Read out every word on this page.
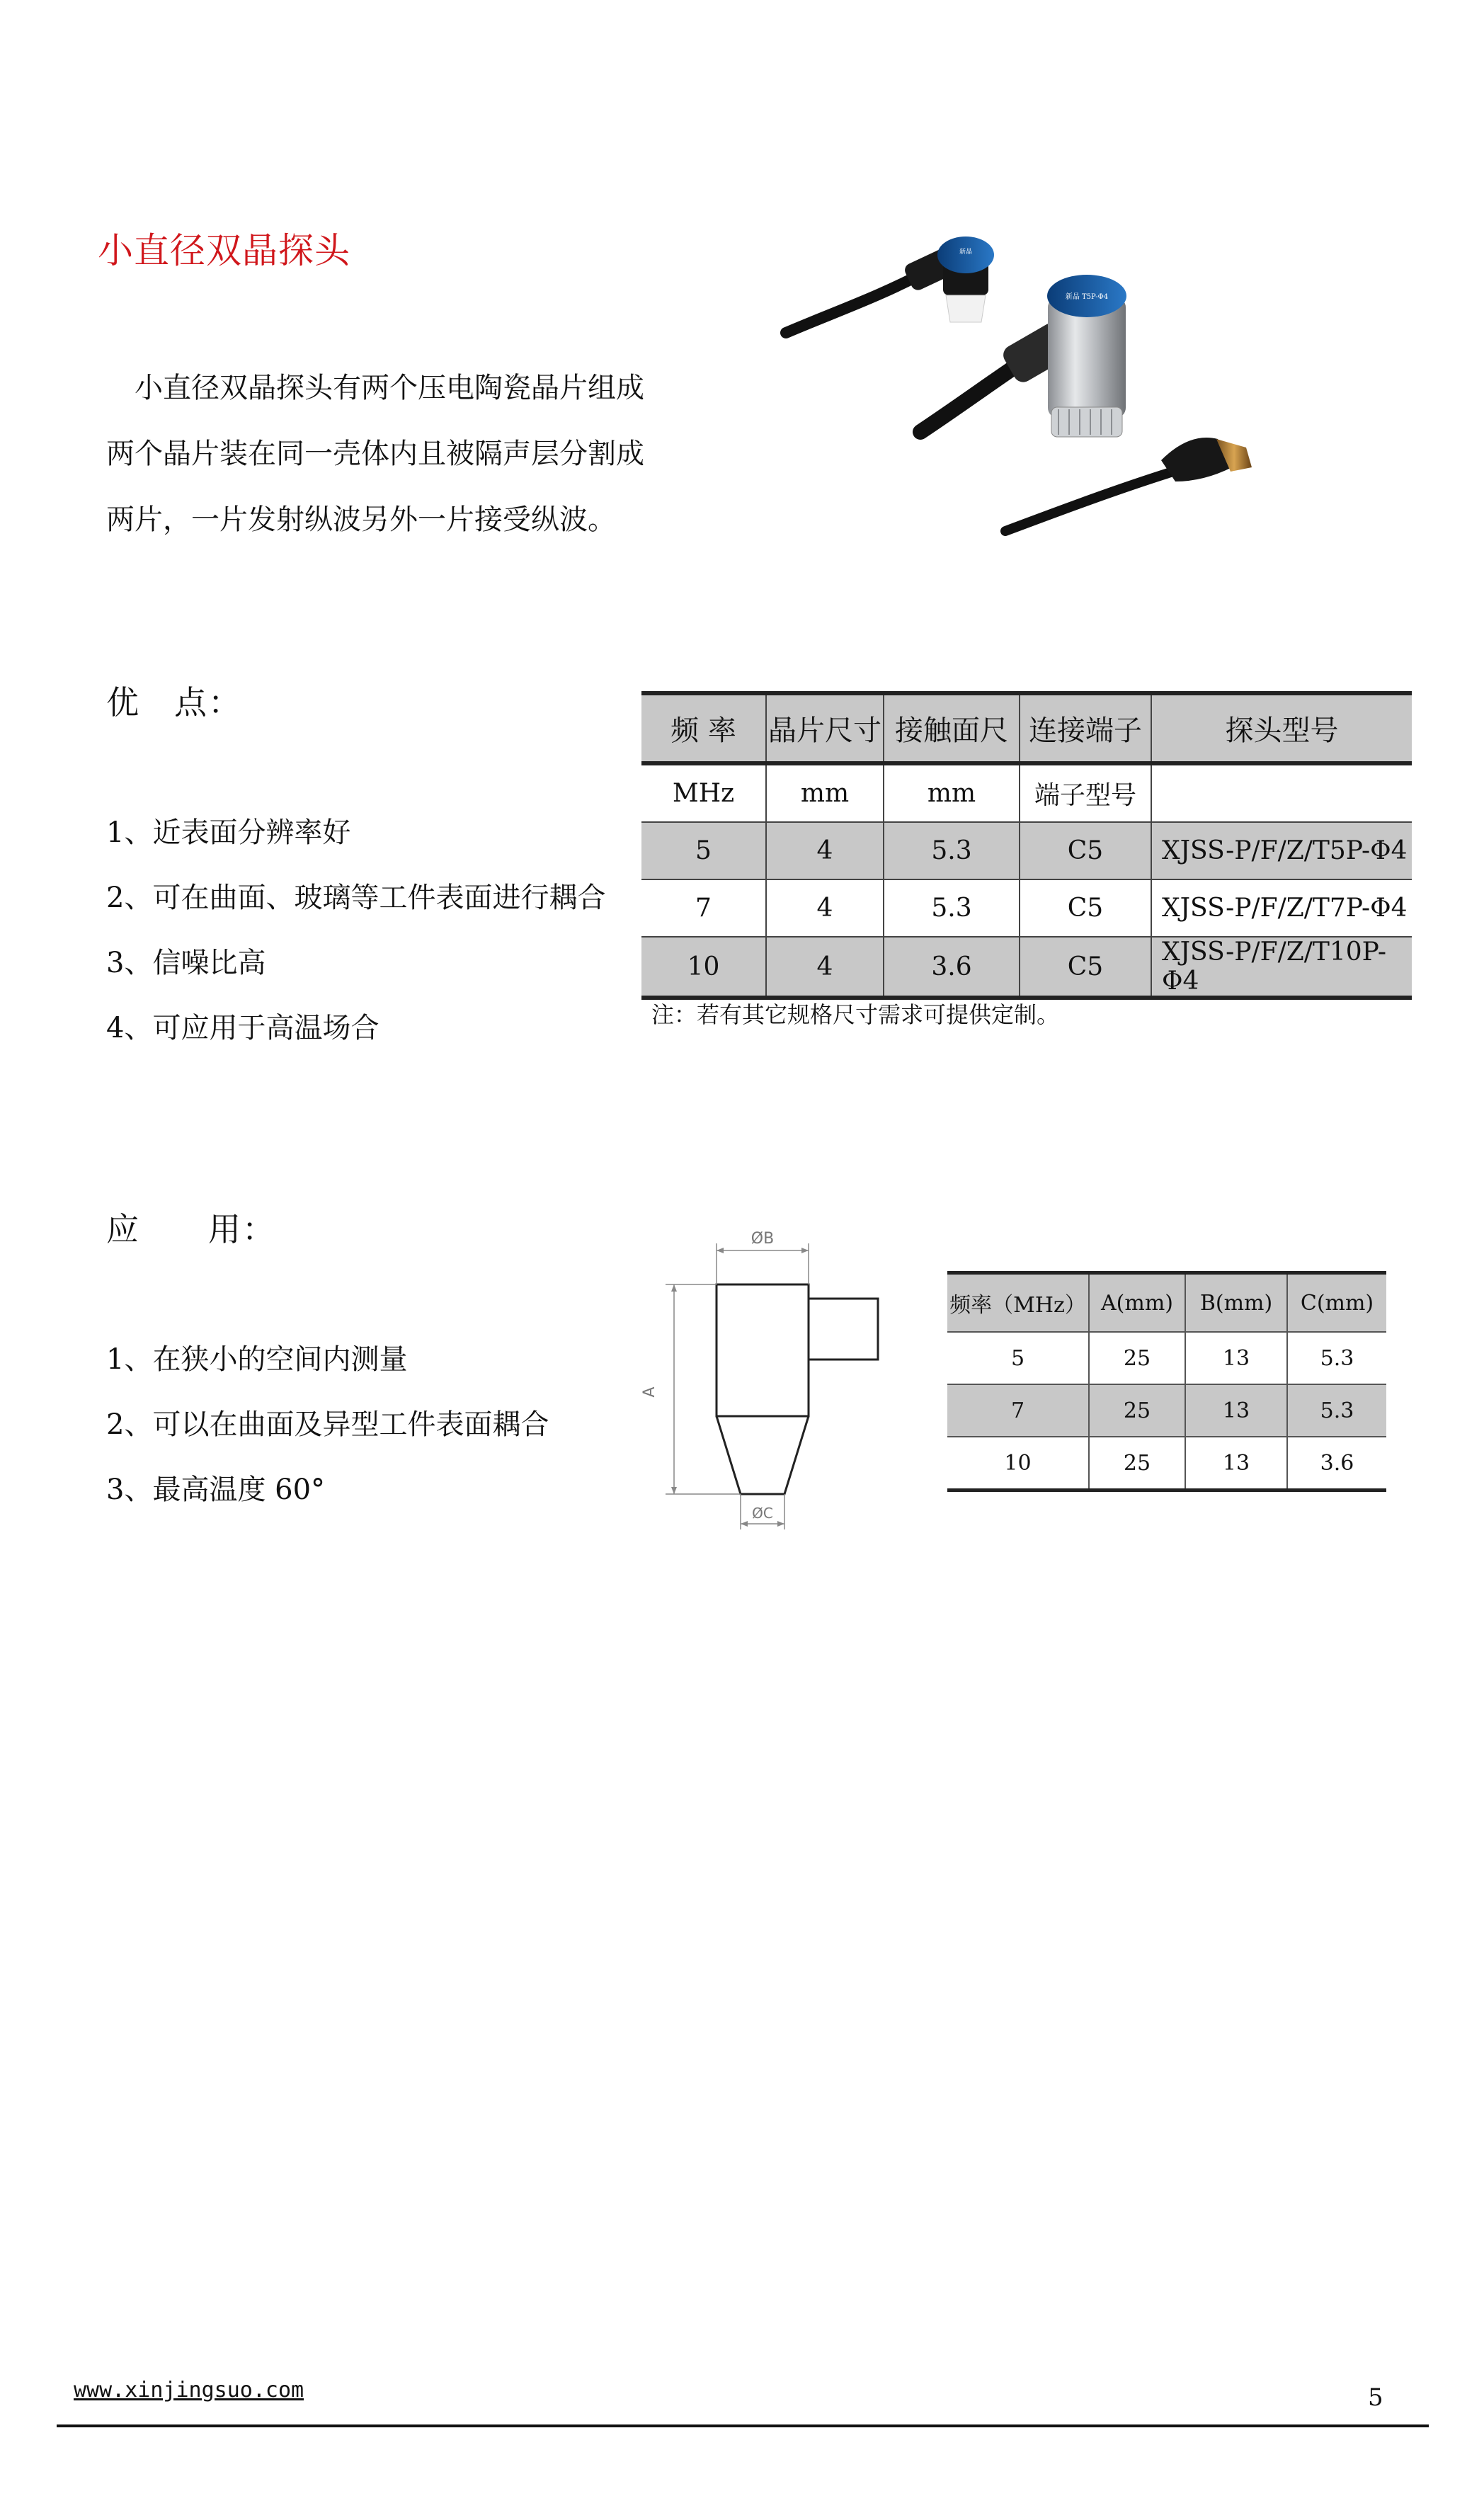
小直径双晶探头

小直径双晶探头有两个压电陶瓷晶片组成

两个晶片装在同一壳体内且被隔声层分割成

两片，一片发射纵波另外一片接受纵波。

新晶
新晶 T5P-Φ4
优　点：
1、近表面分辨率好
2、可在曲面、玻璃等工件表面进行耦合
3、信噪比高
4、可应用于高温场合
频 率	晶片尺寸	接触面尺	连接端子	探头型号
MHz	mm	mm	端子型号	
5	4	5.3	C5	XJSS-P/F/Z/T5P-Φ4
7	4	5.3	C5	XJSS-P/F/Z/T7P-Φ4
10	4	3.6	C5	XJSS-P/F/Z/T10P-Φ4
注：若有其它规格尺寸需求可提供定制。
应　　用：
1、在狭小的空间内测量
2、可以在曲面及异型工件表面耦合
3、最高温度 60°
ØB
A
ØC
频率（MHz）	A(mm)	B(mm)	C(mm)
5	25	13	5.3
7	25	13	5.3
10	25	13	3.6
www.xinjingsuo.com	5
